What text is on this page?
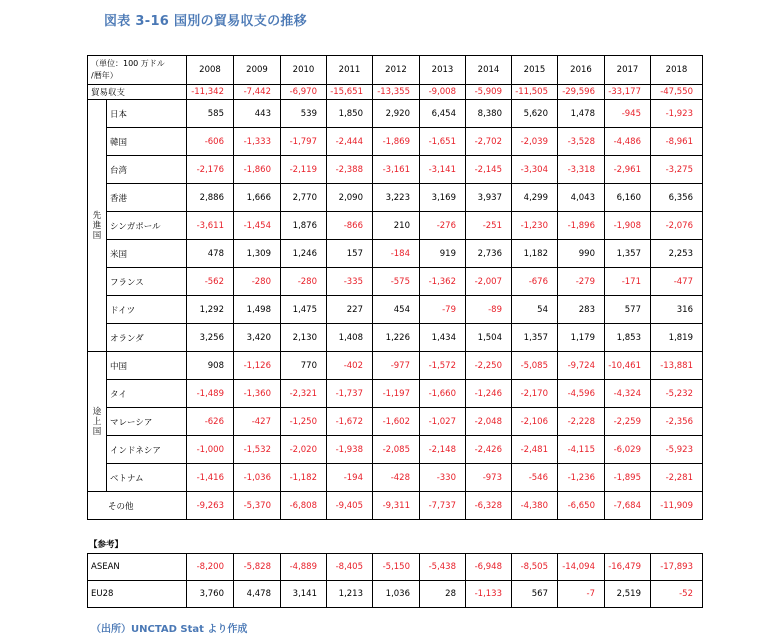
図表 3-16 国別の貿易収支の推移
（単位：100 万ドル
/暦年）		2008	2009	2010	2011	2012	2013	2014	2015	2016	2017	2018
貿易収支		-11,342	-7,442	-6,970	-15,651	-13,355	-9,008	-5,909	-11,505	-29,596	-33,177	-47,550
先進国	日本	585	443	539	1,850	2,920	6,454	8,380	5,620	1,478	-945	-1,923
	韓国	-606	-1,333	-1,797	-2,444	-1,869	-1,651	-2,702	-2,039	-3,528	-4,486	-8,961
	台湾	-2,176	-1,860	-2,119	-2,388	-3,161	-3,141	-2,145	-3,304	-3,318	-2,961	-3,275
	香港	2,886	1,666	2,770	2,090	3,223	3,169	3,937	4,299	4,043	6,160	6,356
	シンガポール	-3,611	-1,454	1,876	-866	210	-276	-251	-1,230	-1,896	-1,908	-2,076
	米国	478	1,309	1,246	157	-184	919	2,736	1,182	990	1,357	2,253
	フランス	-562	-280	-280	-335	-575	-1,362	-2,007	-676	-279	-171	-477
	ドイツ	1,292	1,498	1,475	227	454	-79	-89	54	283	577	316
	オランダ	3,256	3,420	2,130	1,408	1,226	1,434	1,504	1,357	1,179	1,853	1,819
途上国	中国	908	-1,126	770	-402	-977	-1,572	-2,250	-5,085	-9,724	-10,461	-13,881
	タイ	-1,489	-1,360	-2,321	-1,737	-1,197	-1,660	-1,246	-2,170	-4,596	-4,324	-5,232
	マレーシア	-626	-427	-1,250	-1,672	-1,602	-1,027	-2,048	-2,106	-2,228	-2,259	-2,356
	インドネシア	-1,000	-1,532	-2,020	-1,938	-2,085	-2,148	-2,426	-2,481	-4,115	-6,029	-5,923
	ベトナム	-1,416	-1,036	-1,182	-194	-428	-330	-973	-546	-1,236	-1,895	-2,281
その他		-9,263	-5,370	-6,808	-9,405	-9,311	-7,737	-6,328	-4,380	-6,650	-7,684	-11,909
【参考】
ASEAN	-8,200	-5,828	-4,889	-8,405	-5,150	-5,438	-6,948	-8,505	-14,094	-16,479	-17,893
EU28	3,760	4,478	3,141	1,213	1,036	28	-1,133	567	-7	2,519	-52
（出所）UNCTAD Stat より作成
